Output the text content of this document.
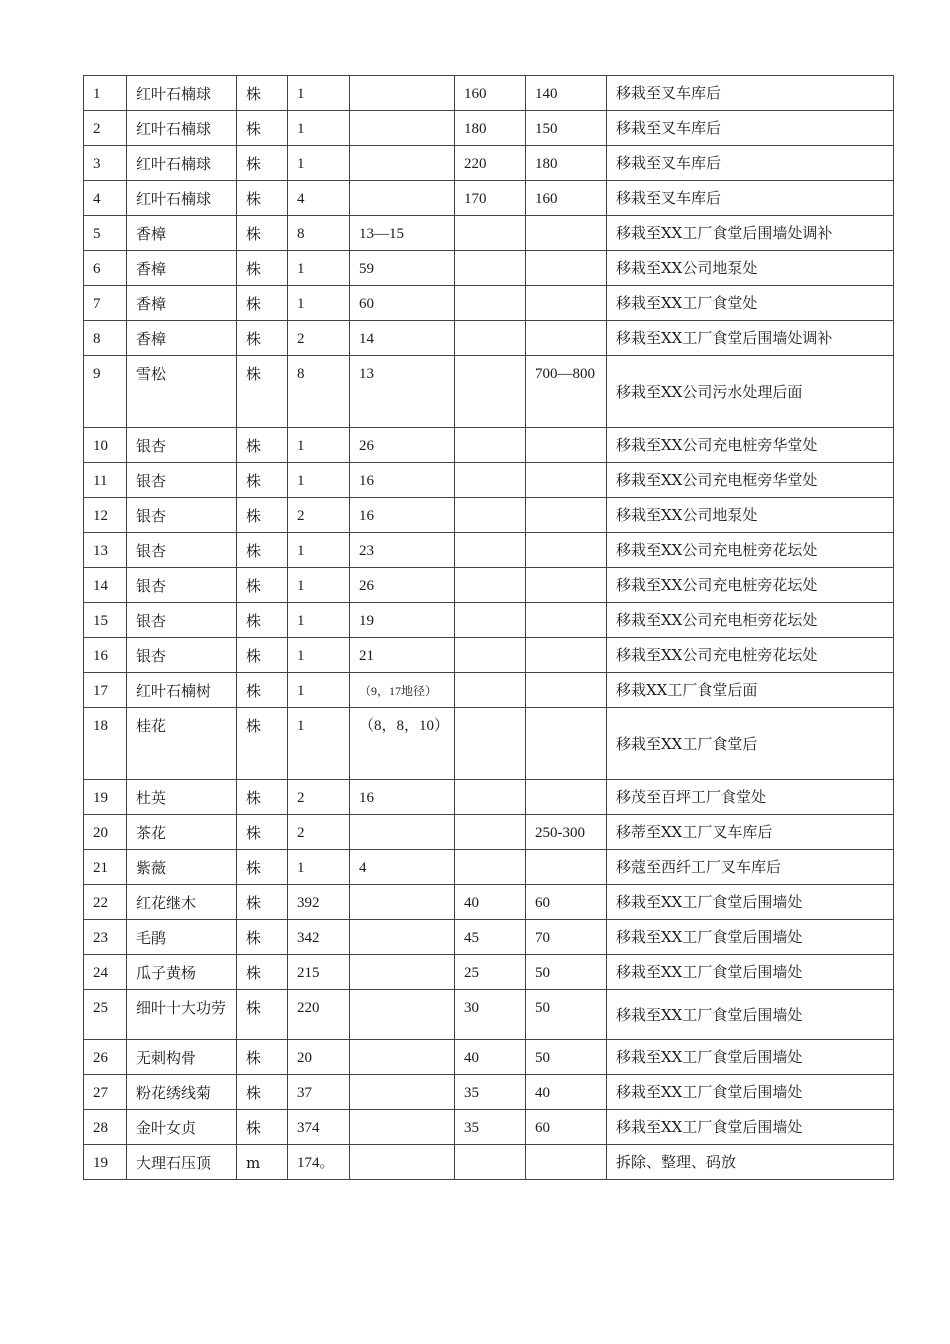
1	红叶石楠球	株	1		160	140	移栽至叉车库后
2	红叶石楠球	株	1		180	150	移栽至叉车库后
3	红叶石楠球	株	1		220	180	移栽至叉车库后
4	红叶石楠球	株	4		170	160	移栽至叉车库后
5	香樟	株	8	13—15			移栽至XX工厂食堂后围墙处调补
6	香樟	株	1	59			移栽至XX公司地泵处
7	香樟	株	1	60			移栽至XX工厂食堂处
8	香樟	株	2	14			移栽至XX工厂食堂后围墙处调补
9	雪松	株	8	13		700—800	移栽至XX公司污水处理后面
10	银杏	株	1	26			移栽至XX公司充电桩旁华堂处
11	银杏	株	1	16			移栽至XX公司充电框旁华堂处
12	银杏	株	2	16			移栽至XX公司地泵处
13	银杏	株	1	23			移栽至XX公司充电桩旁花坛处
14	银杏	株	1	26			移栽至XX公司充电桩旁花坛处
15	银杏	株	1	19			移栽至XX公司充电柜旁花坛处
16	银杏	株	1	21			移栽至XX公司充电桩旁花坛处
17	红叶石楠树	株	1	（9，17地径）			移栽XX工厂食堂后面
18	桂花	株	1	（8，8，10）			移栽至XX工厂食堂后
19	杜英	株	2	16			移茂至百坪工厂食堂处
20	茶花	株	2			250-300	移蒂至XX工厂叉车库后
21	紫薇	株	1	4			移蔻至西纤工厂叉车库后
22	红花继木	株	392		40	60	移栽至XX工厂食堂后围墙处
23	毛鹃	株	342		45	70	移栽至XX工厂食堂后围墙处
24	瓜子黄杨	株	215		25	50	移栽至XX工厂食堂后围墙处
25	细叶十大功劳	株	220		30	50	移栽至XX工厂食堂后围墙处
26	无刺构骨	株	20		40	50	移栽至XX工厂食堂后围墙处
27	粉花绣线菊	株	37		35	40	移栽至XX工厂食堂后围墙处
28	金叶女贞	株	374		35	60	移栽至XX工厂食堂后围墙处
19	大理石压顶	m	174。				拆除、整理、码放
